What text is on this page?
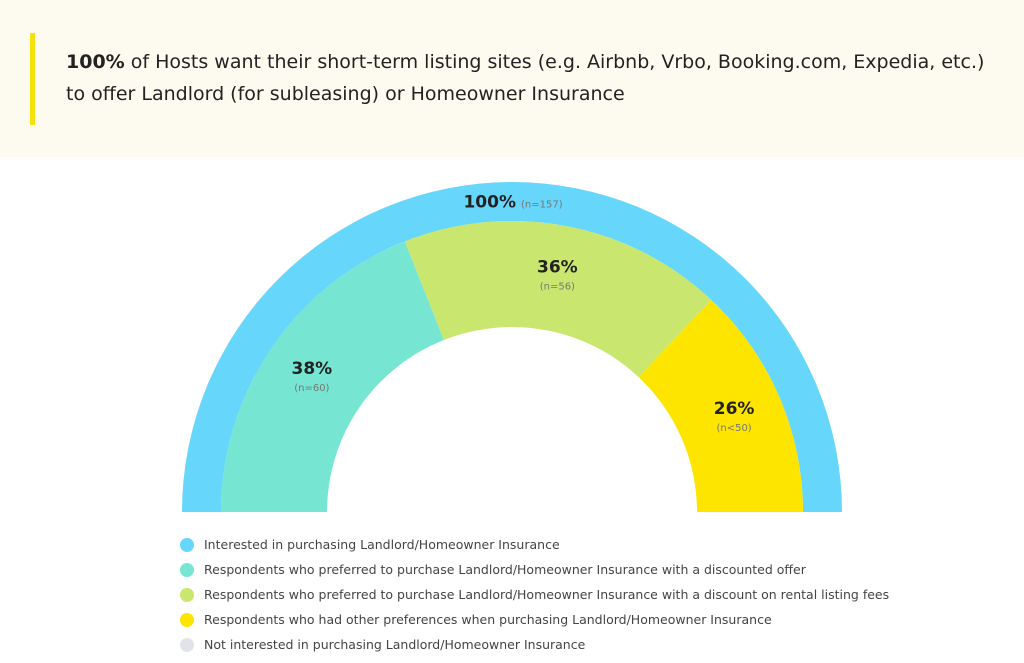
100% of Hosts want their short-term listing sites (e.g. Airbnb, Vrbo, Booking.com, Expedia, etc.) to offer Landlord (for subleasing) or Homeowner Insurance
100% (n=157)
38%
(n=60)
36%
(n=56)
26%
(n<50)
Interested in purchasing Landlord/Homeowner Insurance
Respondents who preferred to purchase Landlord/Homeowner Insurance with a discounted offer
Respondents who preferred to purchase Landlord/Homeowner Insurance with a discount on rental listing fees
Respondents who had other preferences when purchasing Landlord/Homeowner Insurance
Not interested in purchasing Landlord/Homeowner Insurance
